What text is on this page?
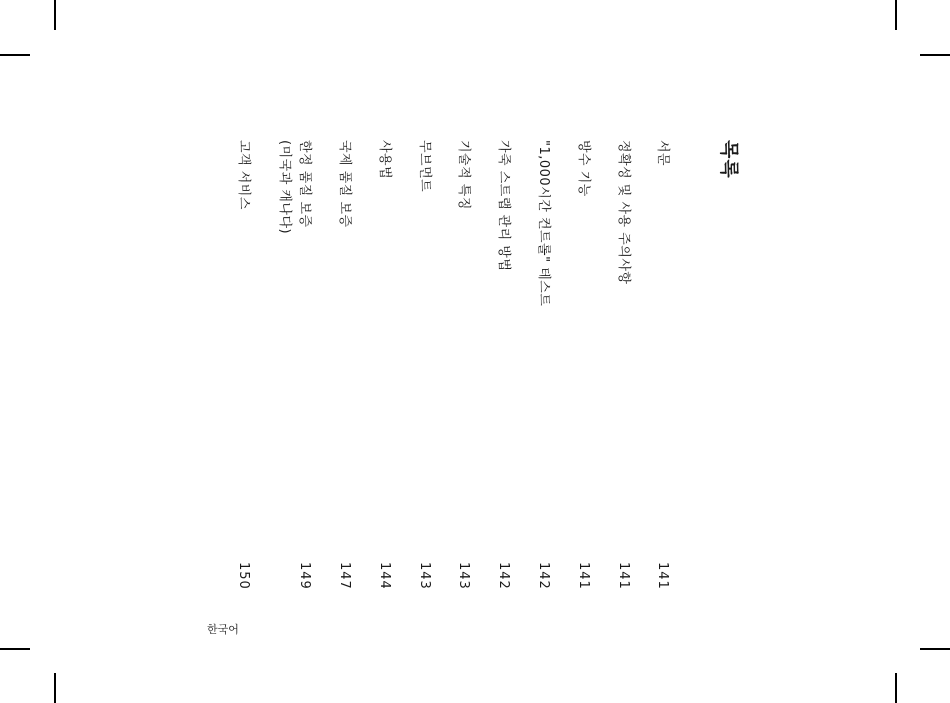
목록
서문
141
정확성 및 사용 주의사항
141
방수 기능
141
"1,000시간 컨트롤" 테스트
142
가죽 스트랩 관리 방법
142
기술적 특징
143
무브먼트
143
사용법
144
국제 품질 보증
147
한정 품질 보증
(미국과 캐나다)
149
고객 서비스
150
한국어
